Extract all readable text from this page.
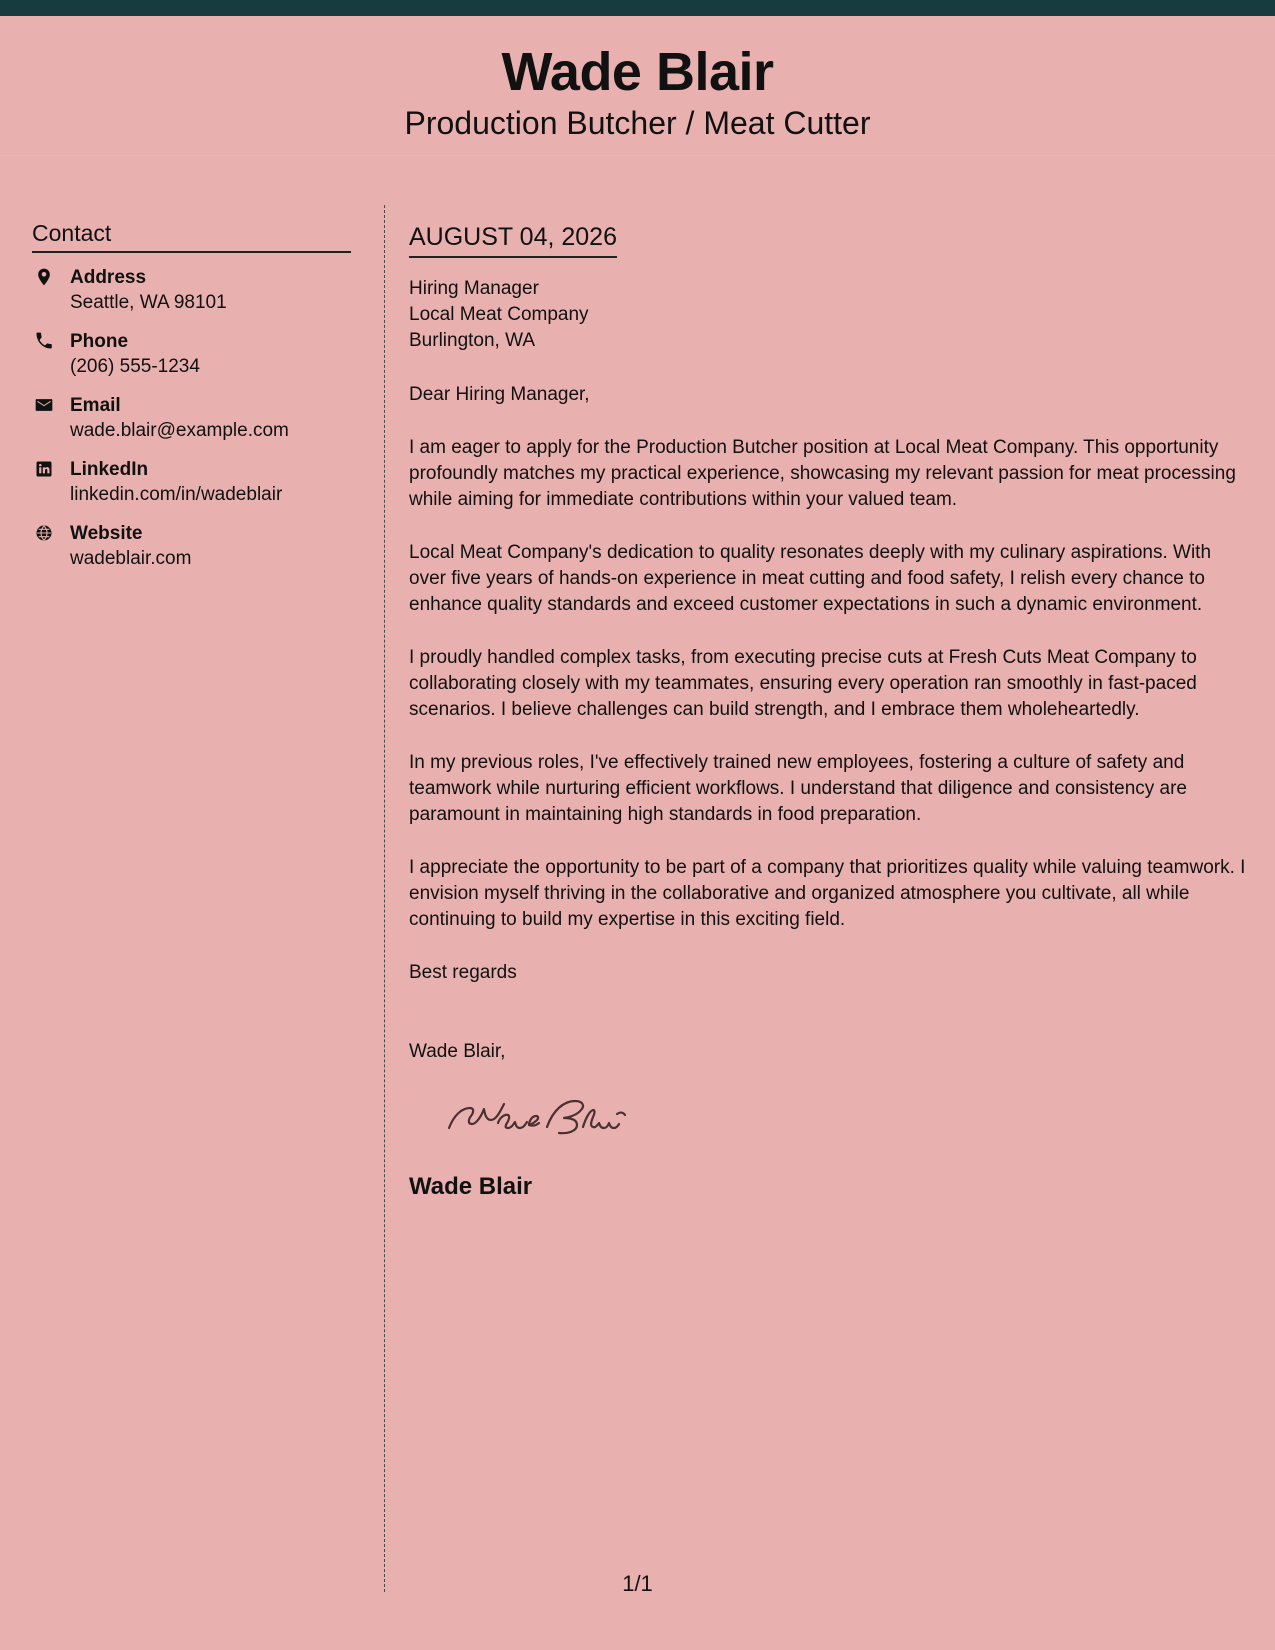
Wade Blair
Production Butcher / Meat Cutter
Contact
Address
Seattle, WA 98101
Phone
(206) 555-1234
Email
wade.blair@example.com
LinkedIn
linkedin.com/in/wadeblair
Website
wadeblair.com
AUGUST 04, 2026

Hiring Manager

Local Meat Company

Burlington, WA

Dear Hiring Manager,

I am eager to apply for the Production Butcher position at Local Meat Company. This opportunity profoundly matches my practical experience, showcasing my relevant passion for meat processing while aiming for immediate contributions within your valued team.

Local Meat Company's dedication to quality resonates deeply with my culinary aspirations. With over five years of hands-on experience in meat cutting and food safety, I relish every chance to enhance quality standards and exceed customer expectations in such a dynamic environment.

I proudly handled complex tasks, from executing precise cuts at Fresh Cuts Meat Company to collaborating closely with my teammates, ensuring every operation ran smoothly in fast-paced scenarios. I believe challenges can build strength, and I embrace them wholeheartedly.

In my previous roles, I've effectively trained new employees, fostering a culture of safety and teamwork while nurturing efficient workflows. I understand that diligence and consistency are paramount in maintaining high standards in food preparation.

I appreciate the opportunity to be part of a company that prioritizes quality while valuing teamwork. I envision myself thriving in the collaborative and organized atmosphere you cultivate, all while continuing to build my expertise in this exciting field.

Best regards

Wade Blair,

Wade Blair

1/1
